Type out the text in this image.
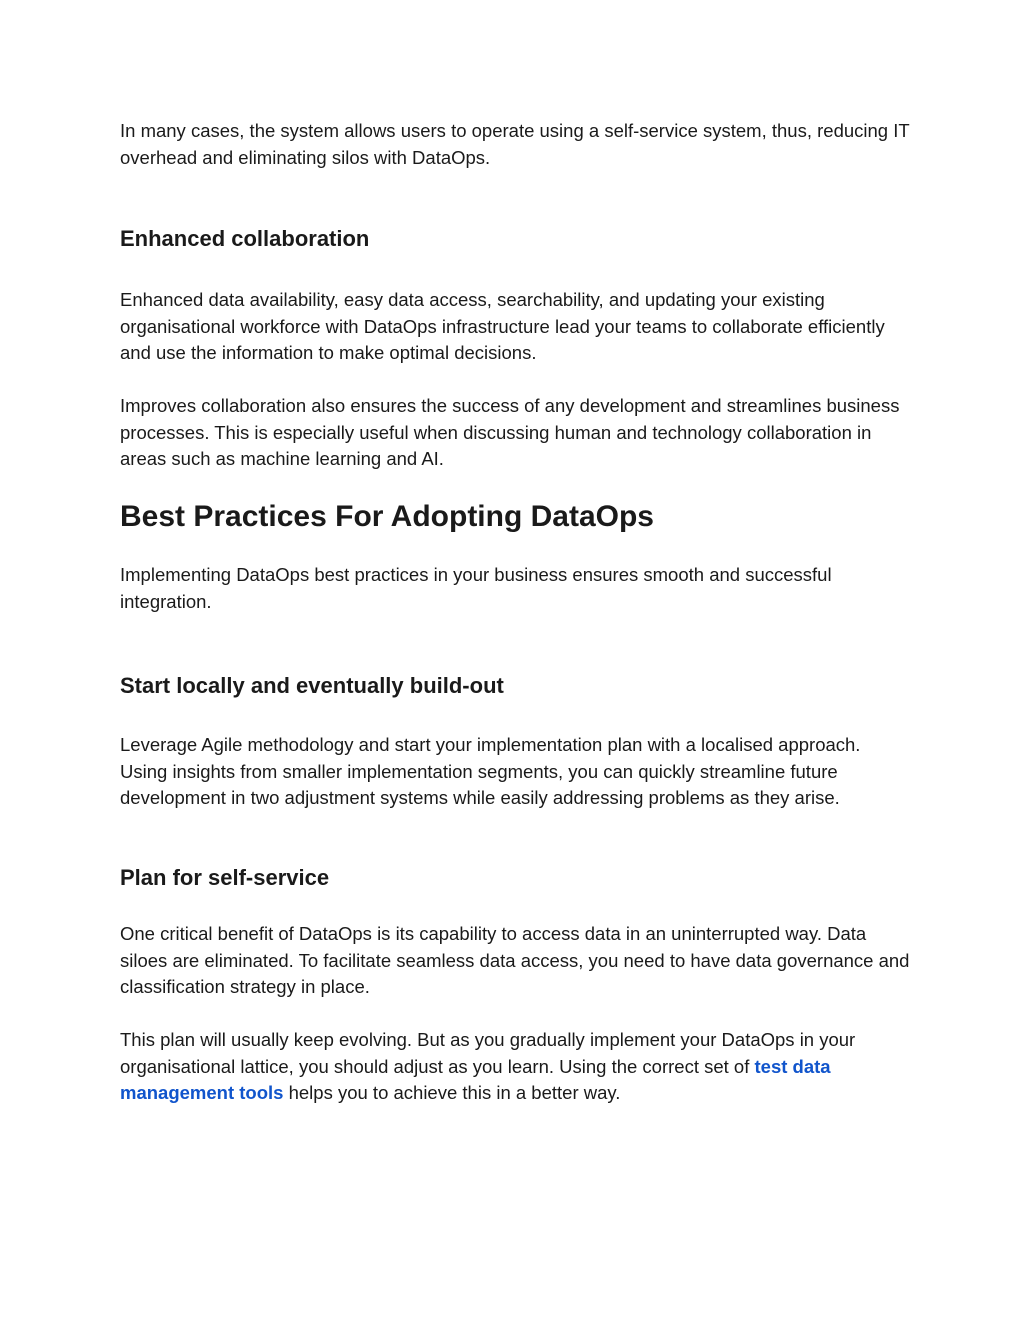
In many cases, the system allows users to operate using a self-service system, thus, reducing IT overhead and eliminating silos with DataOps.

Enhanced collaboration

Enhanced data availability, easy data access, searchability, and updating your existing organisational workforce with DataOps infrastructure lead your teams to collaborate efficiently and use the information to make optimal decisions.

Improves collaboration also ensures the success of any development and streamlines business processes. This is especially useful when discussing human and technology collaboration in areas such as machine learning and AI.

Best Practices For Adopting DataOps

Implementing DataOps best practices in your business ensures smooth and successful integration.

Start locally and eventually build-out

Leverage Agile methodology and start your implementation plan with a localised approach. Using insights from smaller implementation segments, you can quickly streamline future development in two adjustment systems while easily addressing problems as they arise.

Plan for self-service

One critical benefit of DataOps is its capability to access data in an uninterrupted way. Data siloes are eliminated. To facilitate seamless data access, you need to have data governance and classification strategy in place.

This plan will usually keep evolving. But as you gradually implement your DataOps in your organisational lattice, you should adjust as you learn. Using the correct set of test data management tools helps you to achieve this in a better way.
